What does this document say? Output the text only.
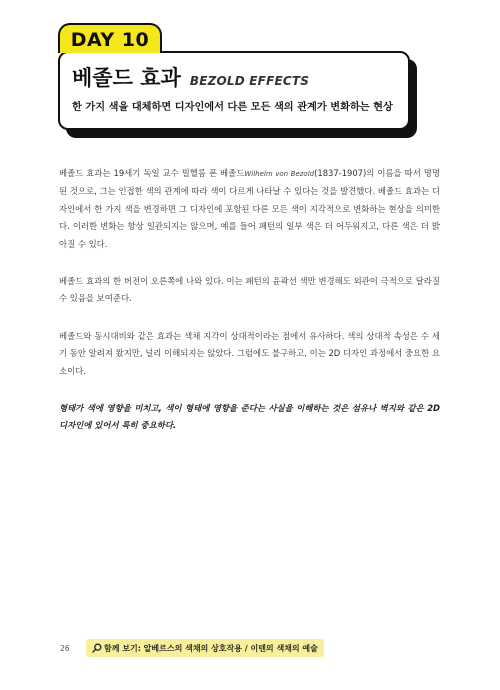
DAY 10
베졸드 효과 BEZOLD EFFECTS
한 가지 색을 대체하면 디자인에서 다른 모든 색의 관계가 변화하는 현상

베졸드 효과는 19세기 독일 교수 빌헬름 폰 베졸드Wilhelm von Bezold(1837-1907)의 이름을 따서 명명된 것으로, 그는 인접한 색의 관계에 따라 색이 다르게 나타날 수 있다는 것을 발견했다. 베졸드 효과는 디자인에서 한 가지 색을 변경하면 그 디자인에 포함된 다른 모든 색이 지각적으로 변화하는 현상을 의미한다. 이러한 변화는 항상 일관되지는 않으며, 예를 들어 패턴의 일부 색은 더 어두워지고, 다른 색은 더 밝아질 수 있다.

베졸드 효과의 한 버전이 오른쪽에 나와 있다. 이는 패턴의 윤곽선 색만 변경해도 외관이 극적으로 달라질 수 있음을 보여준다.

베졸드와 동시대비와 같은 효과는 색채 지각이 상대적이라는 점에서 유사하다. 색의 상대적 속성은 수 세기 동안 알려져 왔지만, 널리 이해되지는 않았다. 그럼에도 불구하고, 이는 2D 디자인 과정에서 중요한 요소이다.

형태가 색에 영향을 미치고, 색이 형태에 영향을 준다는 사실을 이해하는 것은 섬유나 벽지와 같은 2D 디자인에 있어서 특히 중요하다.

26	함께 보기: 알베르스의 색채의 상호작용 / 이텐의 색채의 예술
